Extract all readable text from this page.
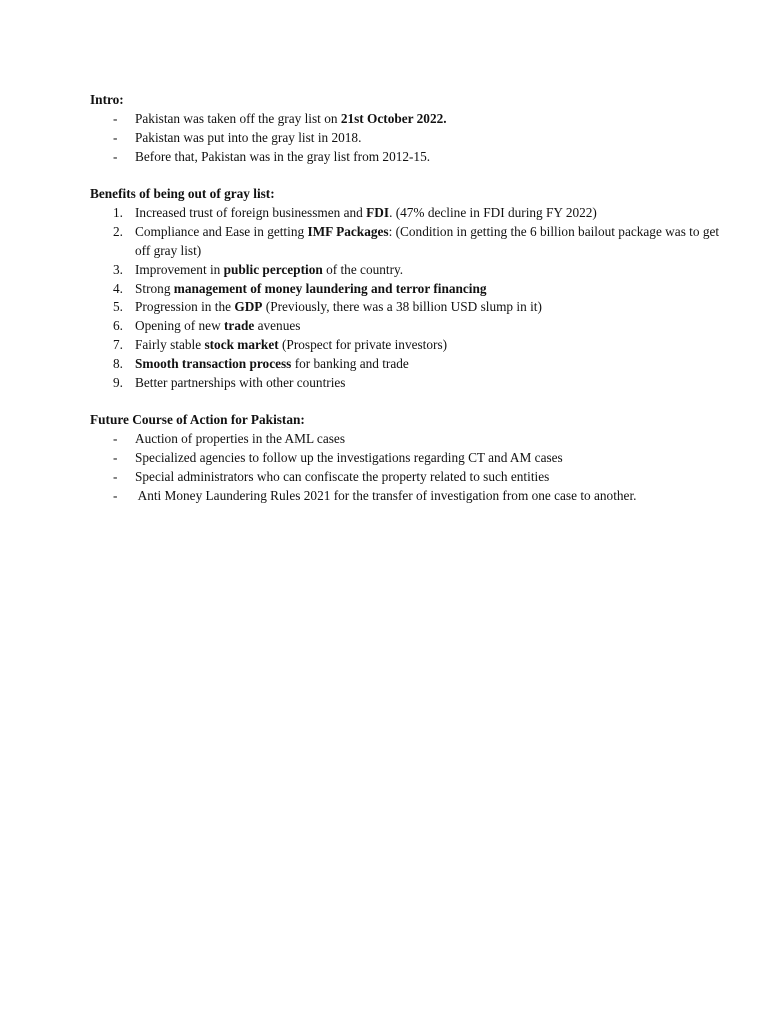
Intro:

-	Pakistan was taken off the gray list on 21st October 2022.
-	Pakistan was put into the gray list in 2018.
-	Before that, Pakistan was in the gray list from 2012-15.

Benefits of being out of gray list:

1. Increased trust of foreign businessmen and FDI. (47% decline in FDI during FY 2022)
2. Compliance and Ease in getting IMF Packages: (Condition in getting the 6 billion bailout package was to get off gray list)
3. Improvement in public perception of the country.
4. Strong management of money laundering and terror financing
5. Progression in the GDP (Previously, there was a 38 billion USD slump in it)
6. Opening of new trade avenues
7. Fairly stable stock market (Prospect for private investors)
8. Smooth transaction process for banking and trade
9. Better partnerships with other countries

Future Course of Action for Pakistan:

-	Auction of properties in the AML cases
-	Specialized agencies to follow up the investigations regarding CT and AM cases
-	Special administrators who can confiscate the property related to such entities
-	Anti Money Laundering Rules 2021 for the transfer of investigation from one case to another.
